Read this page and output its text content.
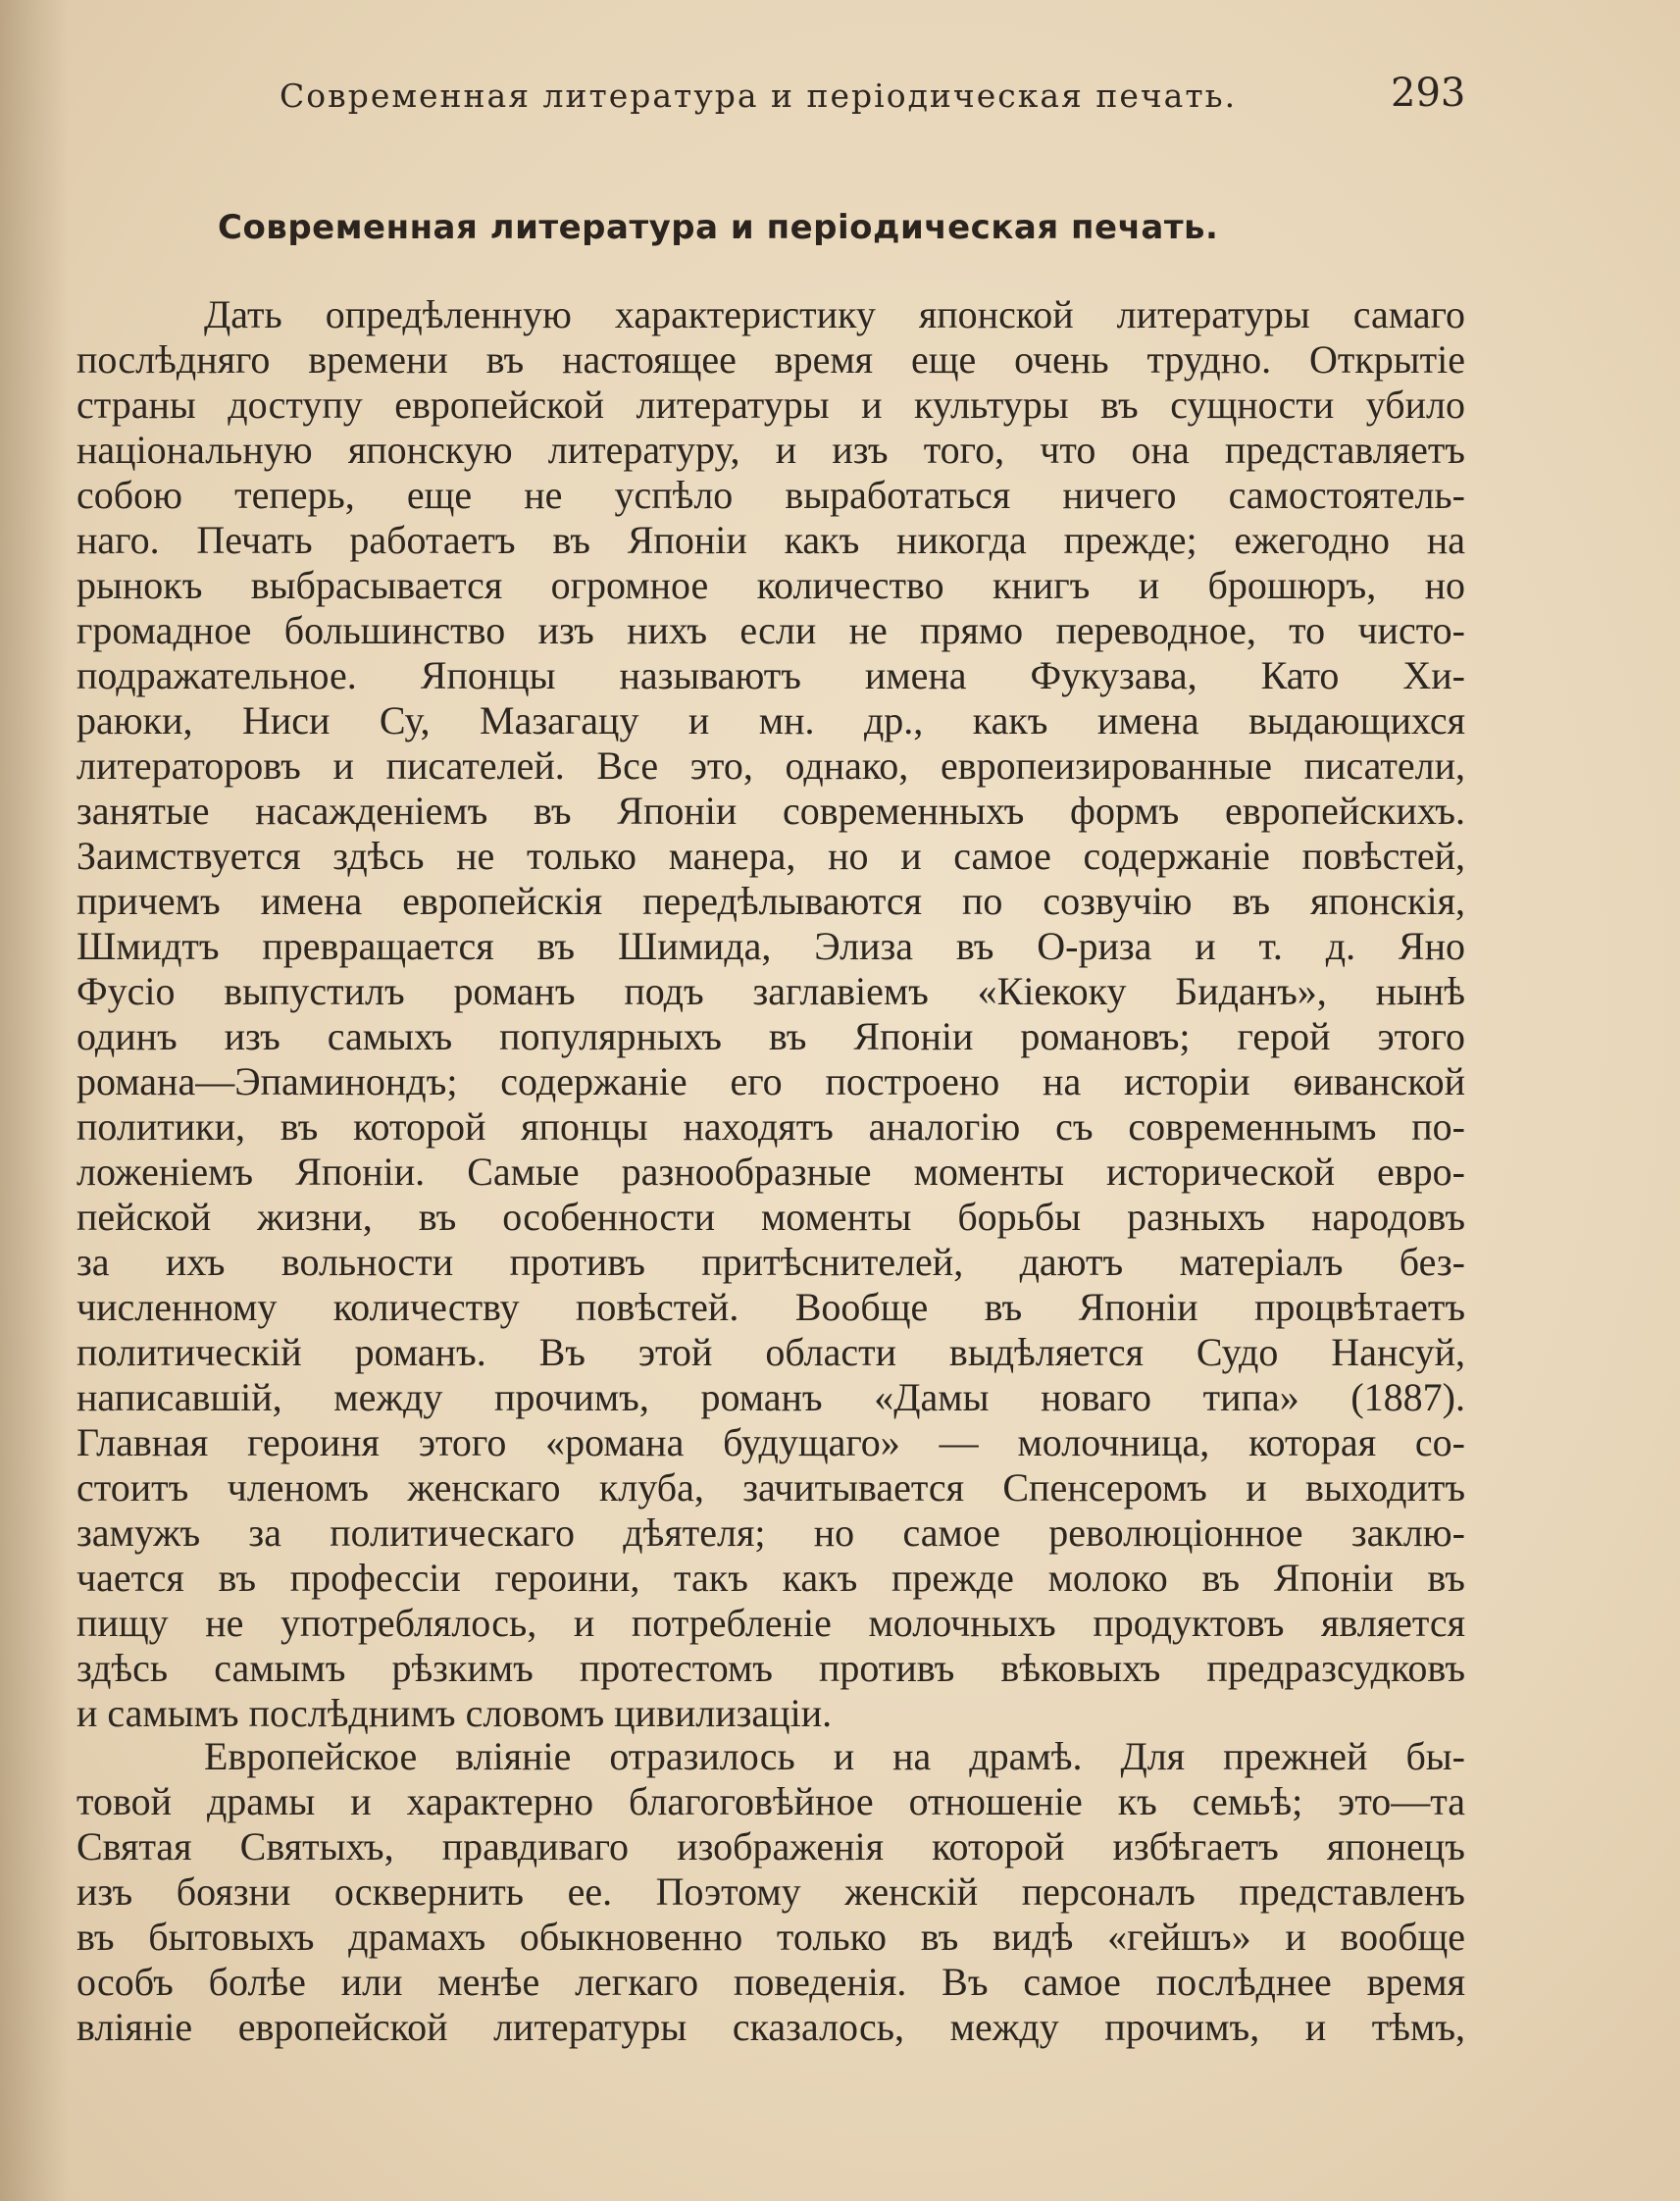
Современная литература и періодическая печать.	293
Современная литература и періодическая печать.
Дать опредѣленную характеристику японской литературы самаго
послѣдняго времени въ настоящее время еще очень трудно. Открытіе
страны доступу европейской литературы и культуры въ сущности убило
національную японскую литературу, и изъ того, что она представляетъ
собою теперь, еще не успѣло выработаться ничего самостоятель-
наго. Печать работаетъ въ Японіи какъ никогда прежде; ежегодно на
рынокъ выбрасывается огромное количество книгъ и брошюръ, но
громадное большинство изъ нихъ если не прямо переводное, то чисто-
подражательное. Японцы называютъ имена Фукузава, Като Хи-
раюки, Ниси Су, Мазагацу и мн. др., какъ имена выдающихся
литераторовъ и писателей. Все это, однако, европеизированные писатели,
занятые насажденіемъ въ Японіи современныхъ формъ европейскихъ.
Заимствуется здѣсь не только манера, но и самое содержаніе повѣстей,
причемъ имена европейскія передѣлываются по созвучію въ японскія,
Шмидтъ превращается въ Шимида, Элиза въ О-риза и т. д. Яно
Фусіо выпустилъ романъ подъ заглавіемъ «Кіекоку Биданъ», нынѣ
одинъ изъ самыхъ популярныхъ въ Японіи романовъ; герой этого
романа—Эпаминондъ; содержаніе его построено на исторіи ѳиванской
политики, въ которой японцы находятъ аналогію съ современнымъ по-
ложеніемъ Японіи. Самые разнообразные моменты исторической евро-
пейской жизни, въ особенности моменты борьбы разныхъ народовъ
за ихъ вольности противъ притѣснителей, даютъ матеріалъ без-
численному количеству повѣстей. Вообще въ Японіи процвѣтаетъ
политическій романъ. Въ этой области выдѣляется Судо Нансуй,
написавшій, между прочимъ, романъ «Дамы новаго типа» (1887).
Главная героиня этого «романа будущаго» — молочница, которая со-
стоитъ членомъ женскаго клуба, зачитывается Спенсеромъ и выходитъ
замужъ за политическаго дѣятеля; но самое революціонное заклю-
чается въ профессіи героини, такъ какъ прежде молоко въ Японіи въ
пищу не употреблялось, и потребленіе молочныхъ продуктовъ является
здѣсь самымъ рѣзкимъ протестомъ противъ вѣковыхъ предразсудковъ
и самымъ послѣднимъ словомъ цивилизаціи.
Европейское вліяніе отразилось и на драмѣ. Для прежней бы-
товой драмы и характерно благоговѣйное отношеніе къ семьѣ; это—та
Святая Святыхъ, правдиваго изображенія которой избѣгаетъ японецъ
изъ боязни осквернить ее. Поэтому женскій персоналъ представленъ
въ бытовыхъ драмахъ обыкновенно только въ видѣ «гейшъ» и вообще
особъ болѣе или менѣе легкаго поведенія. Въ самое послѣднее время
вліяніе европейской литературы сказалось, между прочимъ, и тѣмъ,
